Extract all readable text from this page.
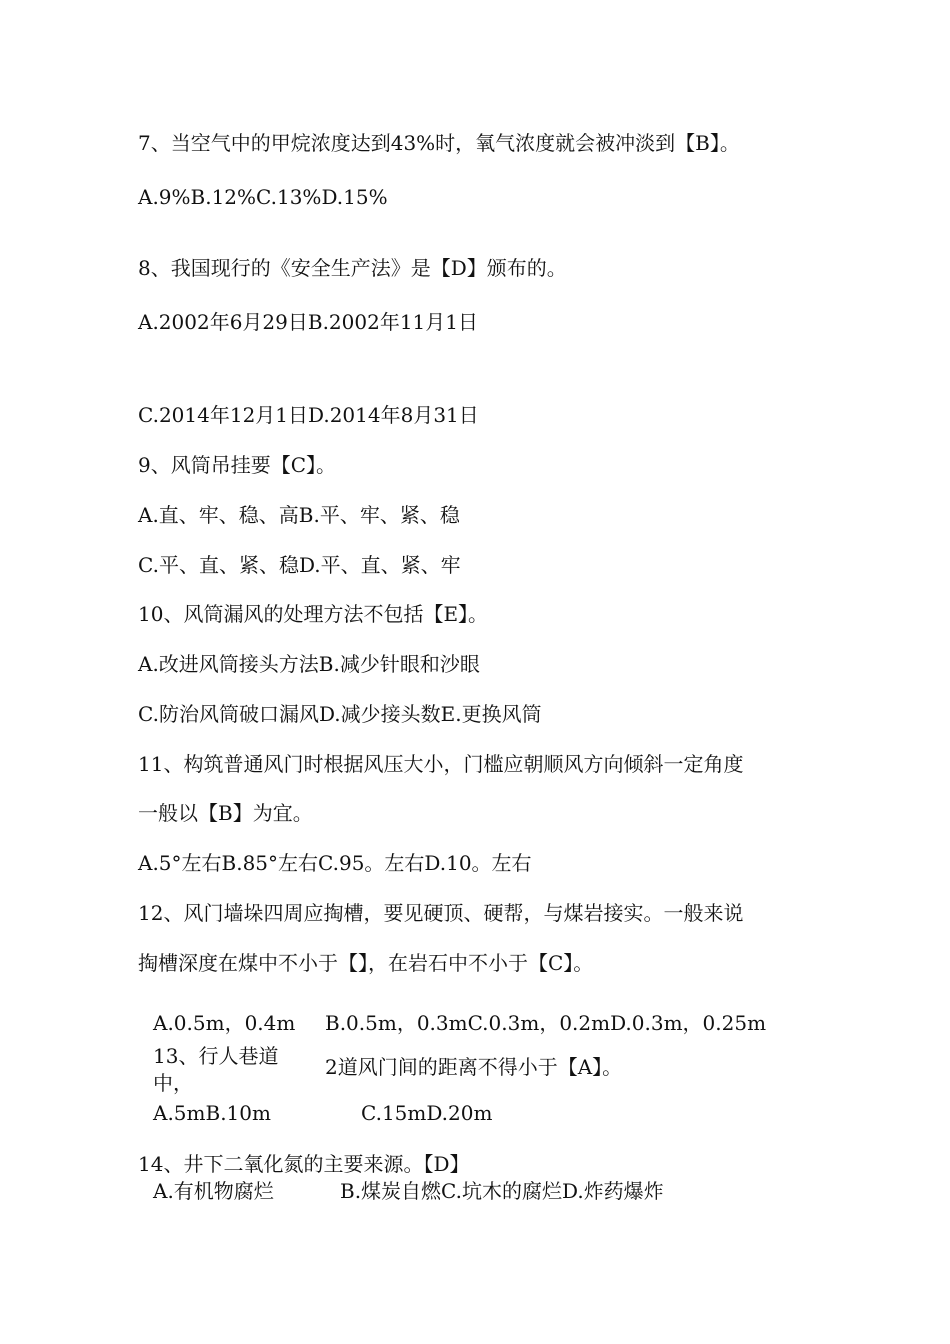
7、当空气中的甲烷浓度达到43%时，氧气浓度就会被冲淡到【B】。
A.9%B.12%C.13%D.15%
8、我国现行的《安全生产法》是【D】颁布的。
A.2002年6月29日B.2002年11月1日
C.2014年12月1日D.2014年8月31日
9、风筒吊挂要【C】。
A.直、牢、稳、高B.平、牢、紧、稳
C.平、直、紧、稳D.平、直、紧、牢
10、风筒漏风的处理方法不包括【E】。
A.改进风筒接头方法B.减少针眼和沙眼
C.防治风筒破口漏风D.减少接头数E.更换风筒
11、构筑普通风门时根据风压大小，门槛应朝顺风方向倾斜一定角度
一般以【B】为宜。
A.5°左右B.85°左右C.95。左右D.10。左右
12、风门墙垛四周应掏槽，要见硬顶、硬帮，与煤岩接实。一般来说
掏槽深度在煤中不小于【】，在岩石中不小于【C】。
A.0.5m，0.4m B.0.5m，0.3mC.0.3m，0.2mD.0.3m，0.25m
13、行人巷道中，
2道风门间的距离不得小于【A】。
A.5mB.10m	C.15mD.20m
14、井下二氧化氮的主要来源。【D】
A.有机物腐烂	B.煤炭自燃C.坑木的腐烂D.炸药爆炸
